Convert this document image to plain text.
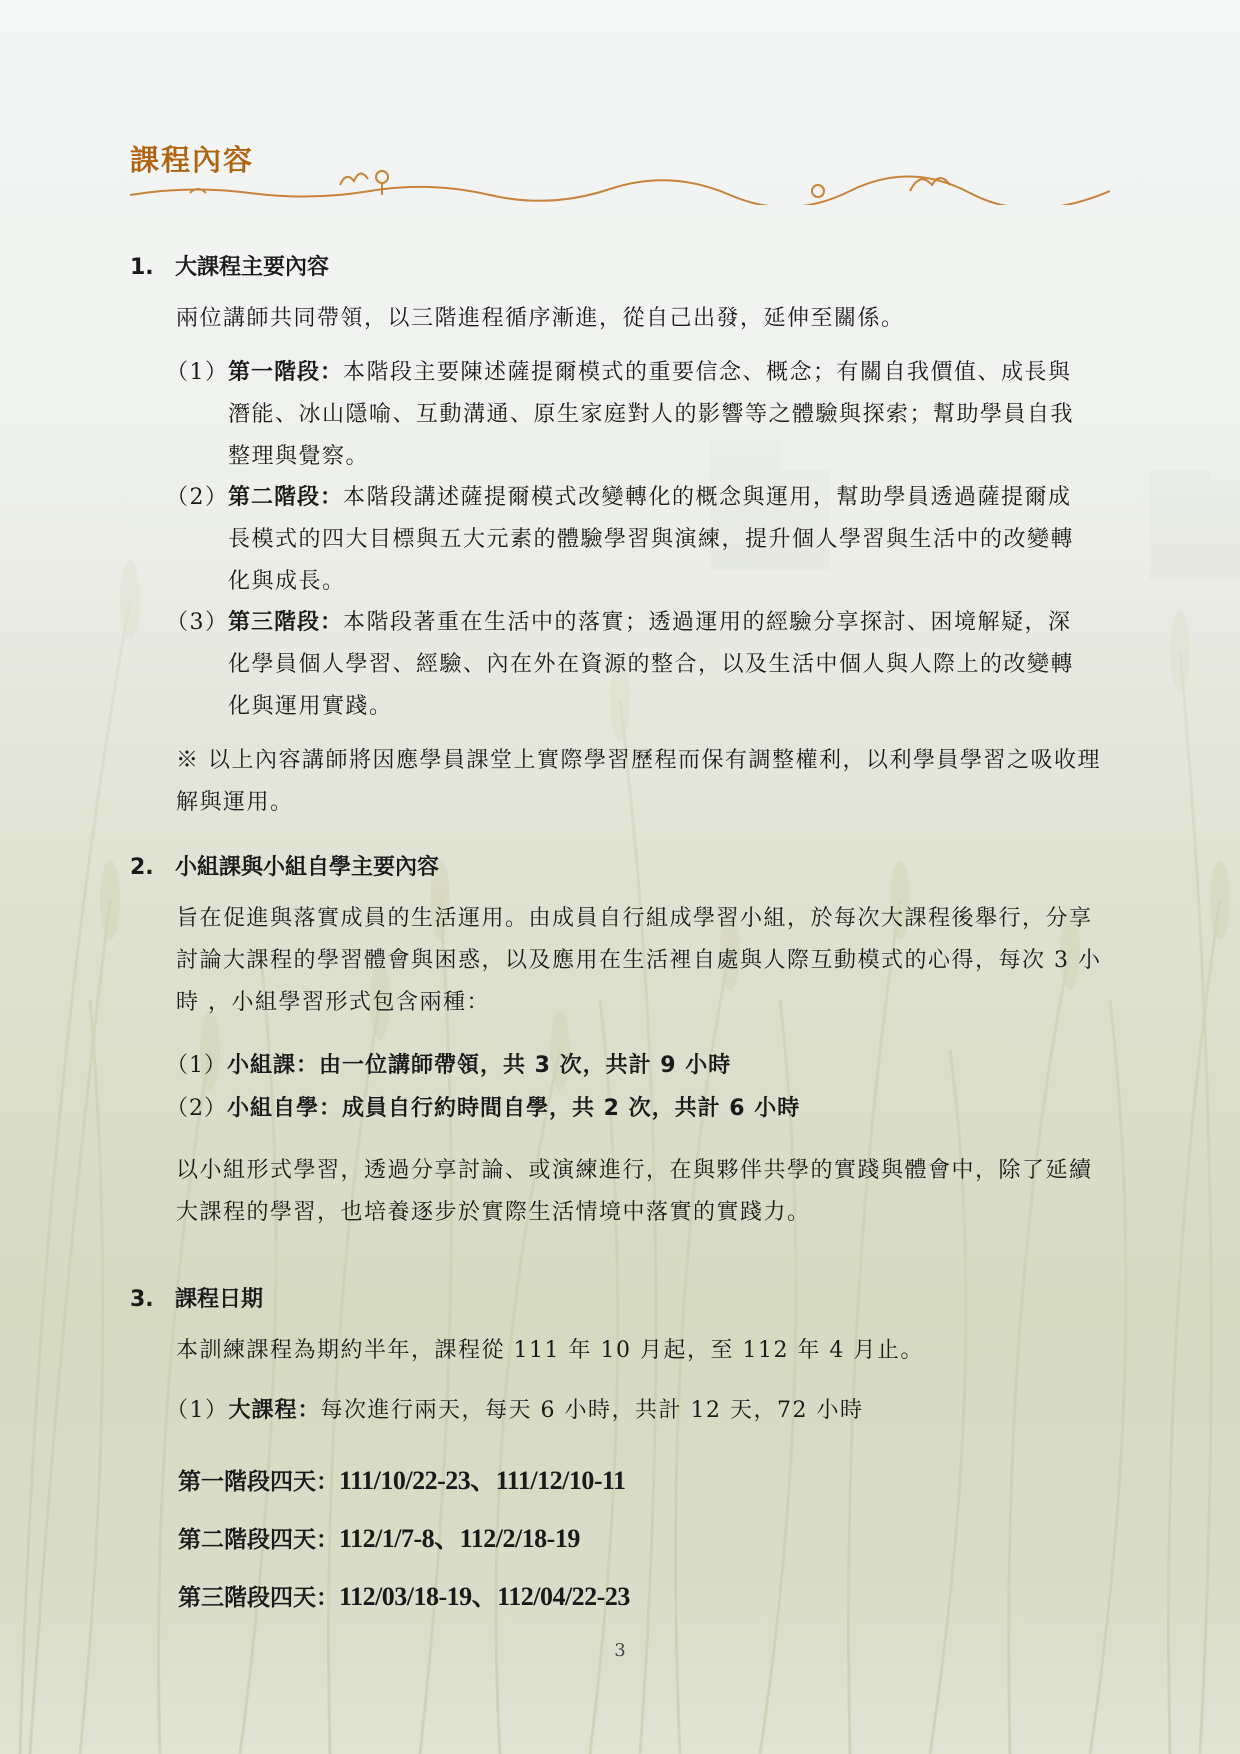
課程內容
1. 大課程主要內容

兩位講師共同帶領，以三階進程循序漸進，從自己出發，延伸至關係。

（1） 第一階段：本階段主要陳述薩提爾模式的重要信念、概念；有關自我價值、成長與潛能、冰山隱喻、互動溝通、原生家庭對人的影響等之體驗與探索；幫助學員自我整理與覺察。
（2） 第二階段：本階段講述薩提爾模式改變轉化的概念與運用，幫助學員透過薩提爾成長模式的四大目標與五大元素的體驗學習與演練，提升個人學習與生活中的改變轉化與成長。
（3） 第三階段：本階段著重在生活中的落實；透過運用的經驗分享探討、困境解疑，深化學員個人學習、經驗、內在外在資源的整合，以及生活中個人與人際上的改變轉化與運用實踐。

※ 以上內容講師將因應學員課堂上實際學習歷程而保有調整權利，以利學員學習之吸收理解與運用。

2. 小組課與小組自學主要內容

旨在促進與落實成員的生活運用。由成員自行組成學習小組，於每次大課程後舉行，分享討論大課程的學習體會與困惑，以及應用在生活裡自處與人際互動模式的心得，每次 3 小時 ，小組學習形式包含兩種：

（1）小組課：由一位講師帶領，共 3 次，共計 9 小時
（2）小組自學：成員自行約時間自學，共 2 次，共計 6 小時

以小組形式學習，透過分享討論、或演練進行，在與夥伴共學的實踐與體會中，除了延續大課程的學習，也培養逐步於實際生活情境中落實的實踐力。

3. 課程日期

本訓練課程為期約半年，課程從 111 年 10 月起，至 112 年 4 月止。

（1）大課程：每次進行兩天，每天 6 小時，共計 12 天，72 小時
第一階段四天：111/10/22-23、111/12/10-11
第二階段四天：112/1/7-8、112/2/18-19
第三階段四天：112/03/18-19、112/04/22-23
3
